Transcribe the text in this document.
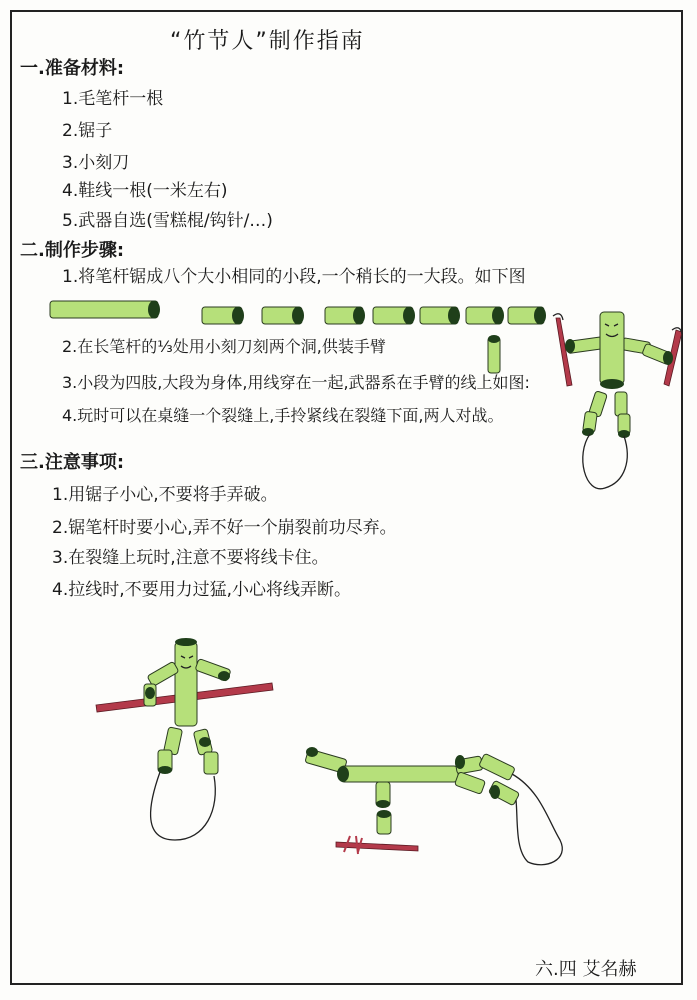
“竹节人”制作指南
一.准备材料:
1.毛笔杆一根
2.锯子
3.小刻刀
4.鞋线一根(一米左右)
5.武器自选(雪糕棍/钩针/…)
二.制作步骤:
1.将笔杆锯成八个大小相同的小段,一个稍长的一大段。如下图
2.在长笔杆的⅓处用小刻刀刻两个洞,供装手臂
3.小段为四肢,大段为身体,用线穿在一起,武器系在手臂的线上如图:
4.玩时可以在桌缝一个裂缝上,手拎紧线在裂缝下面,两人对战。
三.注意事项:
1.用锯子小心,不要将手弄破。
2.锯笔杆时要小心,弄不好一个崩裂前功尽弃。
3.在裂缝上玩时,注意不要将线卡住。
4.拉线时,不要用力过猛,小心将线弄断。
六.四 艾名赫
